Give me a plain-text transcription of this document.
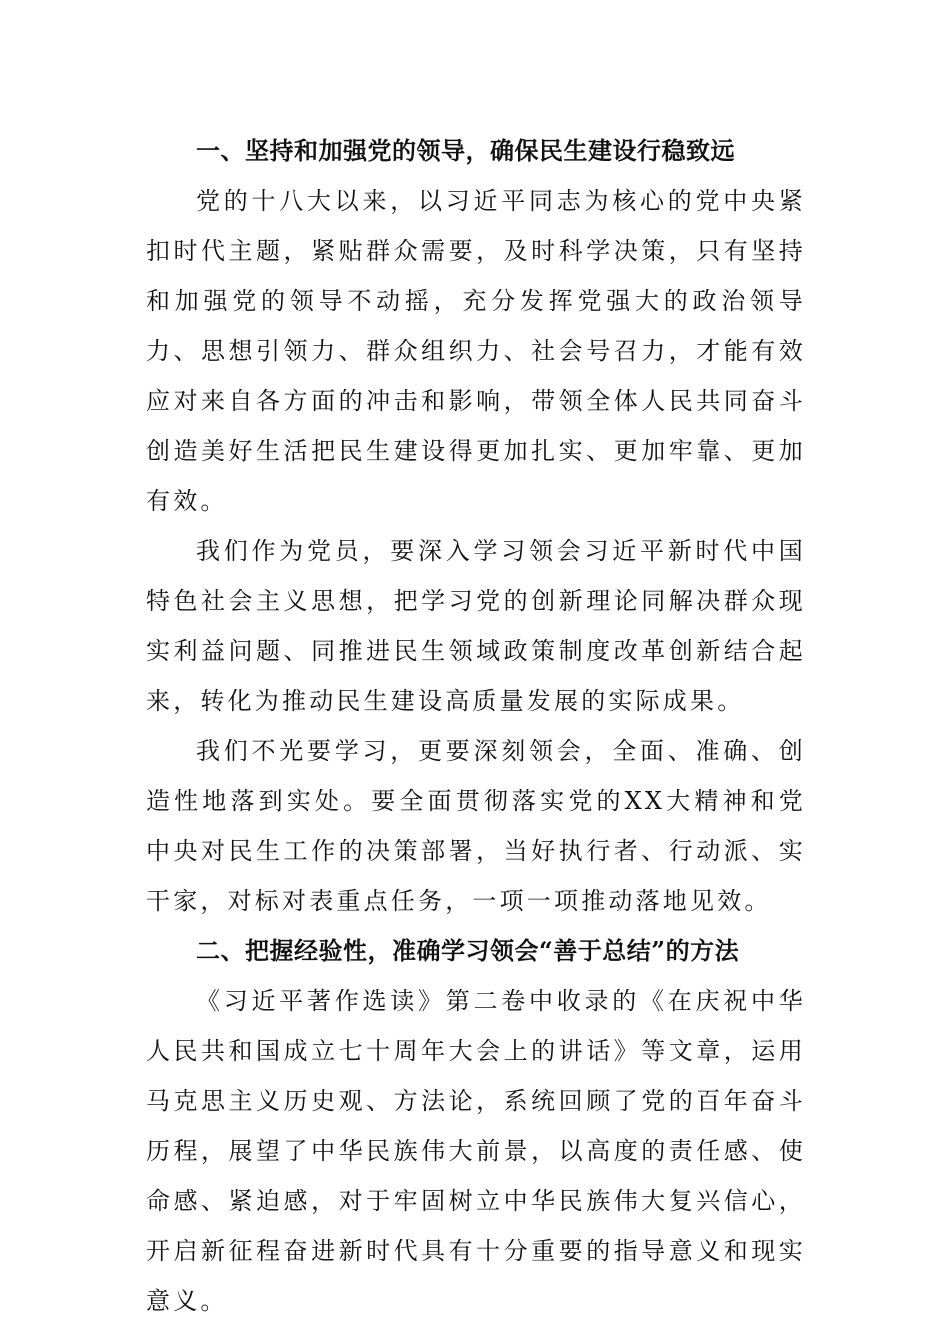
一、坚持和加强党的领导，确保民生建设行稳致远

党的十八大以来，以习近平同志为核心的党中央紧扣时代主题，紧贴群众需要，及时科学决策，只有坚持和加强党的领导不动摇，充分发挥党强大的政治领导力、思想引领力、群众组织力、社会号召力，才能有效应对来自各方面的冲击和影响，带领全体人民共同奋斗创造美好生活把民生建设得更加扎实、更加牢靠、更加有效。

我们作为党员，要深入学习领会习近平新时代中国特色社会主义思想，把学习党的创新理论同解决群众现实利益问题、同推进民生领域政策制度改革创新结合起来，转化为推动民生建设高质量发展的实际成果。

我们不光要学习，更要深刻领会，全面、准确、创造性地落到实处。要全面贯彻落实党的XX大精神和党中央对民生工作的决策部署，当好执行者、行动派、实干家，对标对表重点任务，一项一项推动落地见效。

二、把握经验性，准确学习领会“善于总结”的方法

《习近平著作选读》第二卷中收录的《在庆祝中华人民共和国成立七十周年大会上的讲话》等文章，运用马克思主义历史观、方法论，系统回顾了党的百年奋斗历程，展望了中华民族伟大前景，以高度的责任感、使命感、紧迫感，对于牢固树立中华民族伟大复兴信心，开启新征程奋进新时代具有十分重要的指导意义和现实意义。
